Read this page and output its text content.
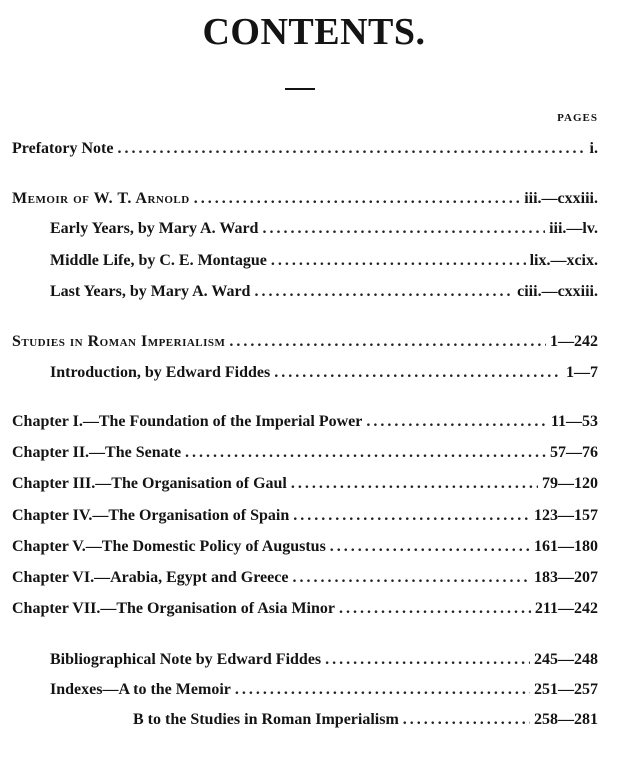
CONTENTS.
PAGES
Prefatory Note .....	i.
Memoir of W. T. Arnold .....	iii.—cxxiii.
Early Years, by Mary A. Ward .....	iii.—lv.
Middle Life, by C. E. Montague .....	lix.—xcix.
Last Years, by Mary A. Ward .....	ciii.—cxxiii.
Studies in Roman Imperialism .....	1—242
Introduction, by Edward Fiddes .....	1—7
Chapter I.—The Foundation of the Imperial Power .....	11—53
Chapter II.—The Senate .....	57—76
Chapter III.—The Organisation of Gaul .....	79—120
Chapter IV.—The Organisation of Spain .....	123—157
Chapter V.—The Domestic Policy of Augustus .....	161—180
Chapter VI.—Arabia, Egypt and Greece .....	183—207
Chapter VII.—The Organisation of Asia Minor .....	211—242
Bibliographical Note by Edward Fiddes .....	245—248
Indexes—A to the Memoir .....	251—257
B to the Studies in Roman Imperialism .....	258—281
